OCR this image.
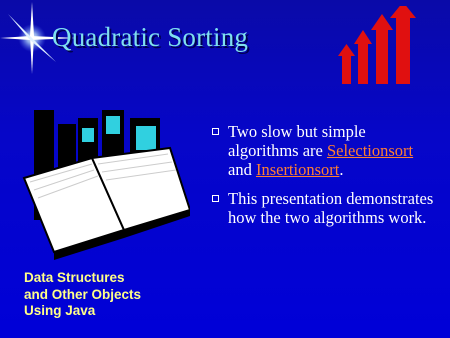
Quadratic Sorting
Data Structures
and Other Objects
Using Java
Two slow but simple algorithms are Selectionsort and Insertionsort.
This presentation demonstrates how the two algorithms work.
